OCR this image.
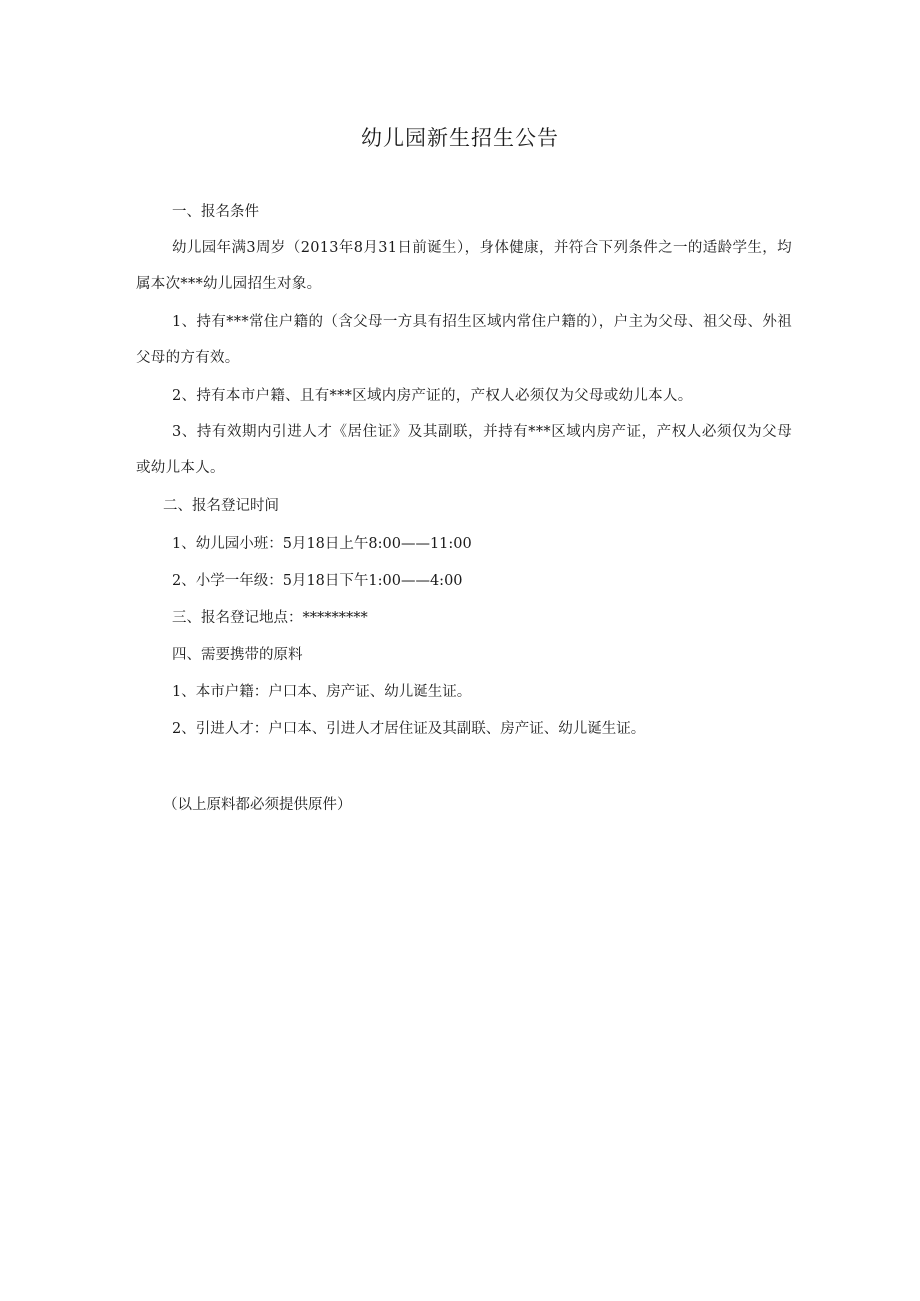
幼儿园新生招生公告
一、报名条件
幼儿园年满3周岁（2013年8月31日前诞生），身体健康，并符合下列条件之一的适龄学生，均属本次***幼儿园招生对象。
1、持有***常住户籍的（含父母一方具有招生区域内常住户籍的），户主为父母、祖父母、外祖父母的方有效。
2、持有本市户籍、且有***区域内房产证的，产权人必须仅为父母或幼儿本人。
3、持有效期内引进人才《居住证》及其副联，并持有***区域内房产证，产权人必须仅为父母或幼儿本人。
二、报名登记时间
1、幼儿园小班：5月18日上午8:00——11:00
2、小学一年级：5月18日下午1:00——4:00
三、报名登记地点：*********
四、需要携带的原料
1、本市户籍：户口本、房产证、幼儿诞生证。
2、引进人才：户口本、引进人才居住证及其副联、房产证、幼儿诞生证。
（以上原料都必须提供原件）
